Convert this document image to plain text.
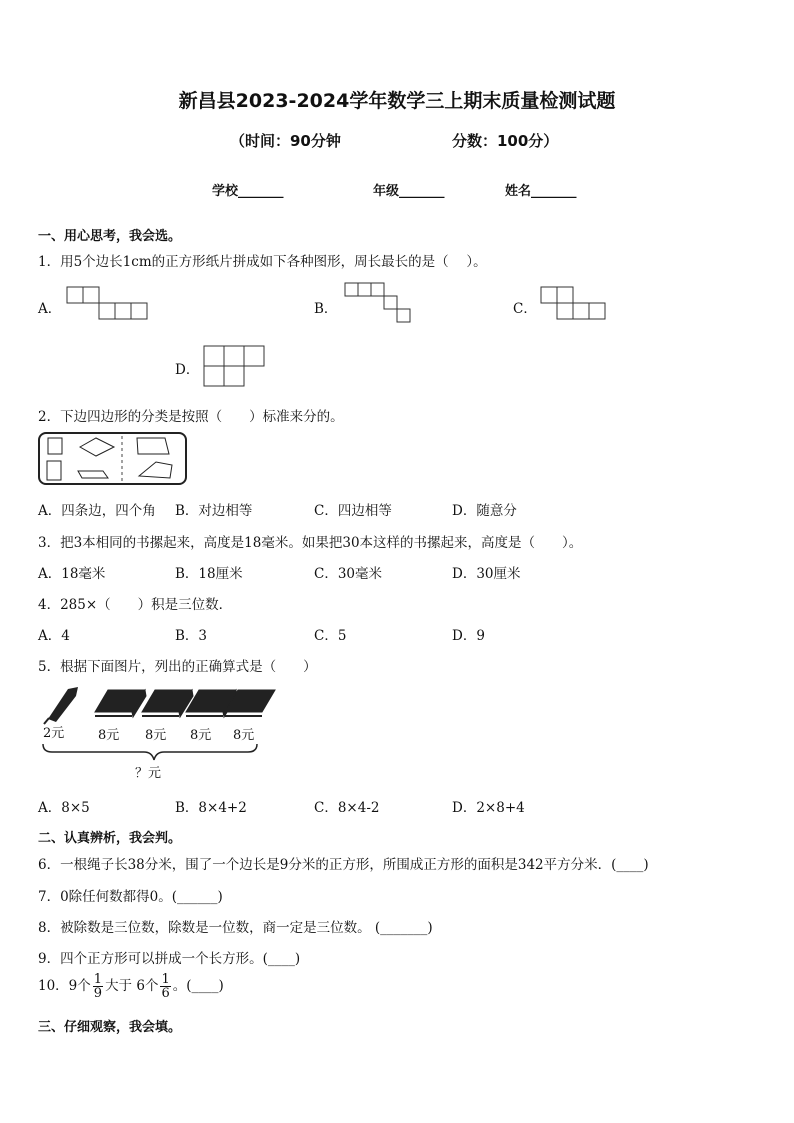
新昌县2023-2024学年数学三上期末质量检测试题
（时间：90分钟	分数：100分）
学校_______	年级_______	姓名_______
一、用心思考，我会选。
1．用5个边长1cm的正方形纸片拼成如下各种图形，周长最长的是（　 ）。
A．	B．	C．
D．
2．下边四边形的分类是按照（　　）标准来分的。
A．四条边，四个角 B．对边相等	C．四边相等	D．随意分
3．把3本相同的书摞起来，高度是18毫米。如果把30本这样的书摞起来，高度是（　　）。
A．18毫米	B．18厘米	C．30毫米	D．30厘米
4．285×（　　）积是三位数．
A．4	B．3	C．5	D．9
5．根据下面图片，列出的正确算式是（　　）
2元	8元 8元 8元 8元
？元
A．8×5	B．8×4+2	C．8×4-2	D．2×8+4
二、认真辨析，我会判。
6．一根绳子长38分米，围了一个边长是9分米的正方形，所围成正方形的面积是342平方分米．(____)
7．0除任何数都得0。(______)
8．被除数是三位数，除数是一位数，商一定是三位数。 (_______)
9．四个正方形可以拼成一个长方形。(____)
10．9个 $\frac{1}{9}$ 大于 6个 $\frac{1}{6}$ 。(____)
三、仔细观察，我会填。
